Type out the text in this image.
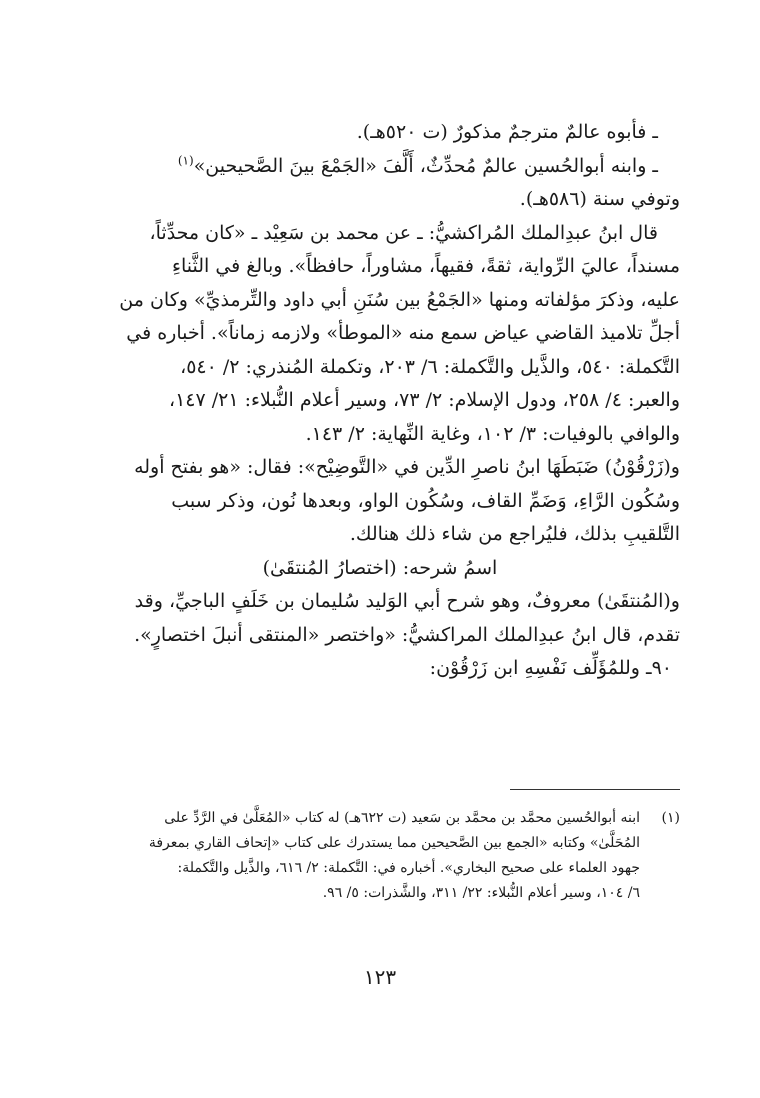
ـ فأبوه عالمٌ مترجمٌ مذكورٌ (ت ٥٢٠هـ).

ـ وابنه أبوالحُسين عالمٌ مُحدِّثٌ، أَلَّفَ «الجَمْعَ بينَ الصَّحيحين»$^{(١)}$

وتوفي سنة (٥٨٦هـ).

قال ابنُ عبدِالملك المُراكشيُّ: ـ عن محمد بن سَعِيْد ـ «كان محدِّثاً،

مسنداً، عاليَ الرِّواية، ثقةً، فقيهاً، مشاوراً، حافظاً». وبالغ في الثَّناءِ

عليه، وذكرَ مؤلفاته ومنها «الجَمْعُ بين سُنَنِ أبي داود والتِّرمذيِّ» وكان من

أجلِّ تلاميذ القاضي عياض سمع منه «الموطأ» ولازمه زماناً». أخباره في

التَّكملة: ٥٤٠، والذَّيل والتَّكملة: ٦/ ٢٠٣، وتكملة المُنذري: ٢/ ٥٤٠،

والعبر: ٤/ ٢٥٨، ودول الإسلام: ٢/ ٧٣، وسير أعلام النُّبلاء: ٢١/ ١٤٧،

والوافي بالوفيات: ٣/ ١٠٢، وغاية النِّهاية: ٢/ ١٤٣.

و(زَرْقُوْنُ) ضَبَطَهَا ابنُ ناصرِ الدِّين في «التَّوضِيْح»: فقال: «هو بفتح أوله

وسُكُون الرَّاءِ، وَضَمِّ القاف، وسُكُون الواو، وبعدها نُون، وذكر سبب

التَّلقيبِ بذلك، فليُراجع من شاء ذلك هنالك.

اسمُ شرحه: (اختصارُ المُنتقَىٰ)

و(المُنتقَىٰ) معروفٌ، وهو شرح أبي الوَليد سُليمان بن خَلَفٍ الباجيِّ، وقد

تقدم، قال ابنُ عبدِالملك المراكشيُّ: «واختصر «المنتقى أنبلَ اختصارٍ».

٩٠ـ وللمُؤَلِّف نَفْسِهِ ابن زَرْقُوْن:

(١)
ابنه أبوالحُسين محمَّد بن محمَّد بن سَعيد (ت ٦٢٢هـ) له كتاب «المُعَلَّىٰ في الرَّدِّ على
المُحَلَّىٰ» وكتابه «الجمع بين الصَّحيحين مما يستدرك على كتاب «إتحاف القاري بمعرفة
جهود العلماء على صحيح البخاري». أخباره في: التَّكملة: ٢/ ٦١٦، والذَّيل والتَّكملة:
٦/ ١٠٤، وسير أعلام النُّبلاء: ٢٢/ ٣١١، والشَّذرات: ٥/ ٩٦.
١٢٣
